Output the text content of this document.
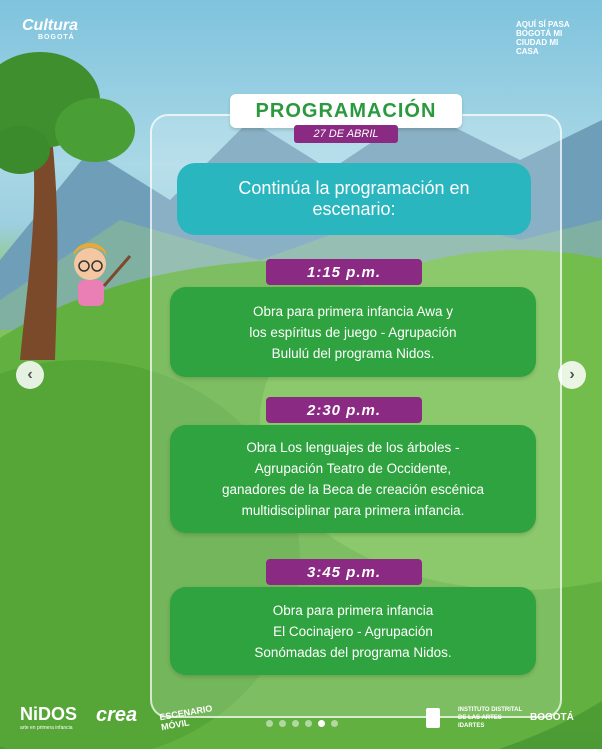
Cultura
BOGOTÁ
AQUÍ SÍ PASA BOGOTÁ MI CIUDAD MI CASA
PROGRAMACIÓN
27 DE ABRIL
Continúa la programación en escenario:
1:15 p.m.
Obra para primera infancia Awa y
los espíritus de juego - Agrupación
Bululú del programa Nidos.
2:30 p.m.
Obra Los lenguajes de los árboles -
Agrupación Teatro de Occidente,
ganadores de la Beca de creación escénica
multidisciplinar para primera infancia.
3:45 p.m.
Obra para primera infancia
El Cocinajero - Agrupación
Sonómadas del programa Nidos.
‹	›
NiDOS
arte en primera infancia
crea ESCENARIO MÓVIL
INSTITUTO DISTRITAL DE LAS ARTES IDARTES
BOGOTÁ
